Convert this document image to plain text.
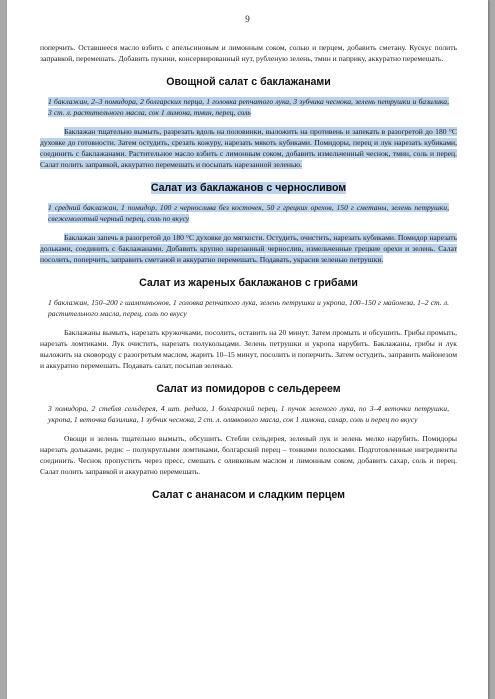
9

поперчить. Оставшееся масло взбить с апельсиновым и лимонным соком, солью и перцем, добавить сметану. Кускус полить заправкой, перемешать. Добавить пукини, консервированный нут, рубленую зелень, тмин и паприку, аккуратно перемешать.

Овощной салат с баклажанами

1 баклажан, 2–3 помидора, 2 болгарских перца, 1 головка репчатого лука, 3 зубчика чеснока, зелень петрушки и базилика, 3 ст. л. растительного масла, сок 1 лимона, тмин, перец, соль

Баклажан тщательно вымыть, разрезать вдоль на половинки, выложить на противень и запекать в разогретой до 180 °С духовке до готовности. Затем остудить, срезать кожуру, нарезать мякоть кубиками. Помидоры, перец и лук нарезать кубиками, соединить с баклажанами. Растительное масло взбить с лимонным соком, добавить измельченный чеснок, тмин, соль и перец. Салат полить заправкой, аккуратно перемешать и посыпать нарезанной зеленью.

Салат из баклажанов с черносливом

1 средний баклажан, 1 помидор, 100 г чернослива без косточек, 50 г грецких орехов, 150 г сметаны, зелень петрушки, свежемолотый черный перец, соль по вкусу

Баклажан запечь в разогретой до 180 °С духовке до мягкости. Остудить, очистить, нарезать кубиками. Помидор нарезать дольками, соединить с баклажанами. Добавить крупно нарезанный чернослив, измельченные грецкие орехи и зелень. Салат посолить, поперчить, заправить сметаной и аккуратно перемешать. Подавать, украсив зеленью петрушки.

Салат из жареных баклажанов с грибами

1 баклажан, 150–200 г шампиньонов, 1 головка репчатого лука, зелень петрушки и укропа, 100–150 г майонеза, 1–2 ст. л. растительного масла, перец, соль по вкусу

Баклажаны вымыть, нарезать кружочками, посолить, оставить на 20 минут. Затем промыть и обсушить. Грибы промыть, нарезать ломтиками. Лук очистить, нарезать полукольцами. Зелень петрушки и укропа нарубить. Баклажаны, грибы и лук выложить на сковороду с разогретым маслом, жарить 10–15 минут, посолить и поперчить. Затем остудить, заправить майонезом и аккуратно перемешать. Подавать салат, посыпав зеленью.

Салат из помидоров с сельдереем

3 помидора, 2 стебля сельдерея, 4 шт. редиса, 1 болгарский перец, 1 пучок зеленого лука, по 3–4 веточки петрушки, укропа, 1 веточка базилика, 1 зубчик чеснока, 2 ст. л. оливкового масла, сок 1 лимона, сахар, соль и перец по вкусу

Овощи и зелень тщательно вымыть, обсушить. Стебли сельдерея, зеленый лук и зелень мелко нарубить. Помидоры нарезать дольками, редис – полукруглыми ломтиками, болгарский перец – тонкими полосками. Подготовленные ингредиенты соединить. Чеснок пропустить через пресс, смешать с оливковым маслом и лимонным соком, добавить сахар, соль и перец. Салат полить заправкой и аккуратно перемешать.

Салат с ананасом и сладким перцем
